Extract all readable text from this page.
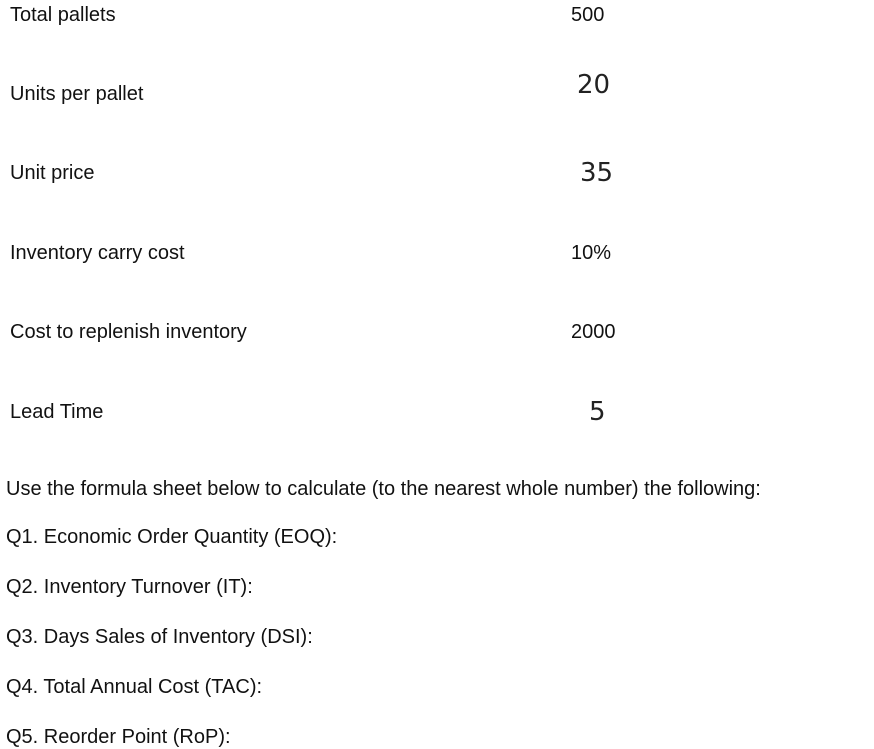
Total pallets	500
Units per pallet	20
Unit price	35
Inventory carry cost	10%
Cost to replenish inventory	2000
Lead Time	5
Use the formula sheet below to calculate (to the nearest whole number) the following:
Q1. Economic Order Quantity (EOQ):
Q2. Inventory Turnover (IT):
Q3. Days Sales of Inventory (DSI):
Q4. Total Annual Cost (TAC):
Q5. Reorder Point (RoP):
